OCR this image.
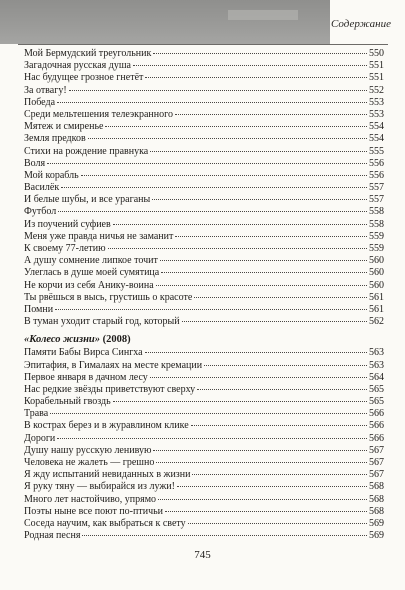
Содержание
Мой Бермудский треугольник	550
Загадочная русская душа	551
Нас будущее грозное гнетёт	551
За отвагу!	552
Победа	553
Среди мельтешения телеэкранного	553
Мятеж и смиренье	554
Земля предков	554
Стихи на рождение правнука	555
Воля	556
Мой корабль	556
Василёк	557
И белые шубы, и все ураганы	557
Футбол	558
Из поучений суфиев	558
Меня уже правда ничья не заманит	559
К своему 77-летию	559
А душу сомнение липкое точит	560
Улеглась в душе моей сумятица	560
Не корчи из себя Анику-воина	560
Ты рвёшься в высь, грустишь о красоте	561
Помни	561
В туман уходит старый год, который	562
«Колесо жизни» (2008)
Памяти Бабы Вирса Сингха	563
Эпитафия, в Гималаях на месте кремации	563
Первое января в дачном лесу	564
Нас редкие звёзды приветствуют сверху	565
Корабельный гвоздь	565
Трава	566
В кострах берез и в журавлином клике	566
Дороги	566
Душу нашу русскую ленивую	567
Человека не жалеть — грешно	567
Я жду испытаний невиданных в жизни	567
Я руку тяну — выбирайся из лужи!	568
Много лет настойчиво, упрямо	568
Поэты ныне все поют по-птичьи	568
Соседа научим, как выбраться к свету	569
Родная песня	569
745
